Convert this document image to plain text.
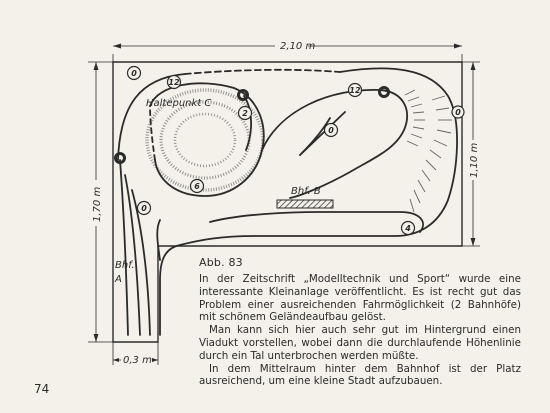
2,10 m
1,70 m
1,10 m
0,3 m
Bhf. B
Haltepunkt C
Bhf.
A
0
12
2
12
0
0
6
0
4
Abb. 83

In der Zeitschrift „Modelltechnik und Sport“ wurde eine interessante Kleinanlage veröffentlicht. Es ist recht gut das Problem einer ausreichenden Fahrmöglichkeit (2 Bahnhöfe) mit schönem Geländeaufbau gelöst.

Man kann sich hier auch sehr gut im Hintergrund einen Viadukt vorstellen, wobei dann die durchlaufende Höhenlinie durch ein Tal unterbrochen werden müßte.

In dem Mittelraum hinter dem Bahnhof ist der Platz ausreichend, um eine kleine Stadt aufzubauen.

74
